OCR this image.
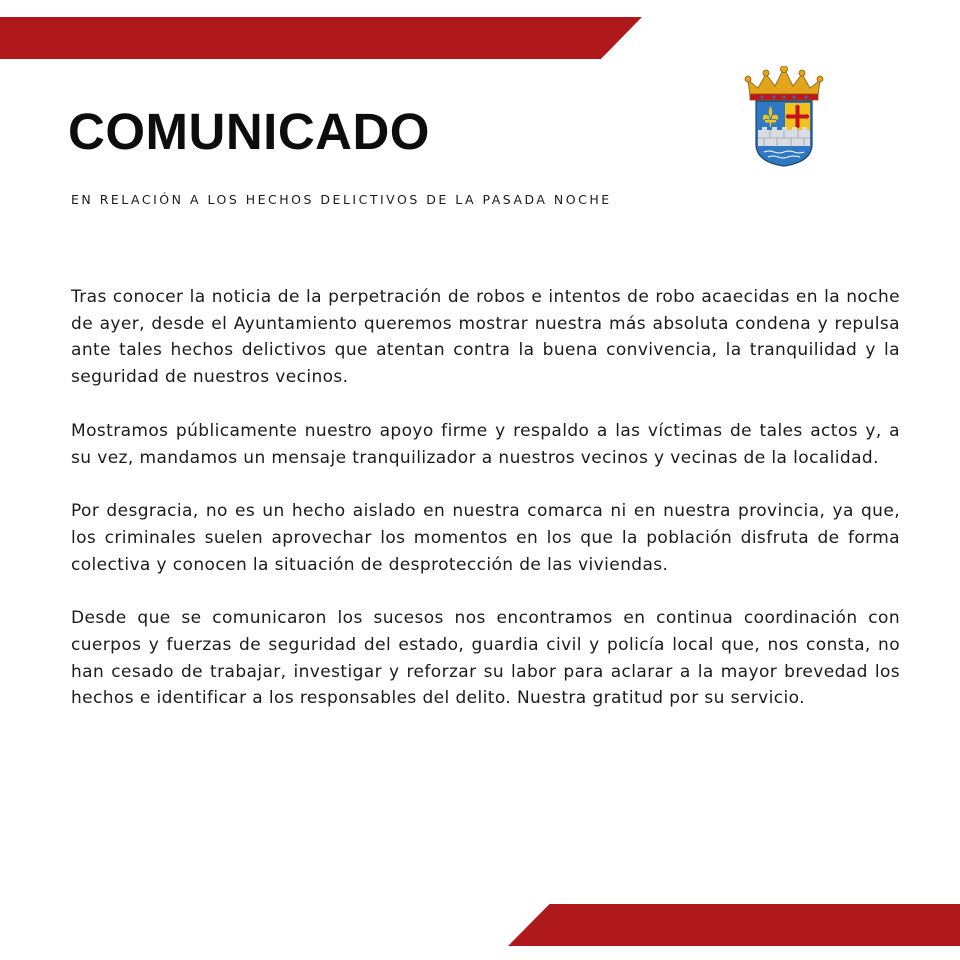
COMUNICADO
EN RELACIÓN A LOS HECHOS DELICTIVOS DE LA PASADA NOCHE

Tras conocer la noticia de la perpetración de robos e intentos de robo acaecidas en la noche de ayer, desde el Ayuntamiento queremos mostrar nuestra más absoluta condena y repulsa ante tales hechos delictivos que atentan contra la buena convivencia, la tranquilidad y la seguridad de nuestros vecinos.

Mostramos públicamente nuestro apoyo firme y respaldo a las víctimas de tales actos y, a su vez, mandamos un mensaje tranquilizador a nuestros vecinos y vecinas de la localidad.

Por desgracia, no es un hecho aislado en nuestra comarca ni en nuestra provincia, ya que, los criminales suelen aprovechar los momentos en los que la población disfruta de forma colectiva y conocen la situación de desprotección de las viviendas.

Desde que se comunicaron los sucesos nos encontramos en continua coordinación con cuerpos y fuerzas de seguridad del estado, guardia civil y policía local que, nos consta, no han cesado de trabajar, investigar y reforzar su labor para aclarar a la mayor brevedad los hechos e identificar a los responsables del delito. Nuestra gratitud por su servicio.
